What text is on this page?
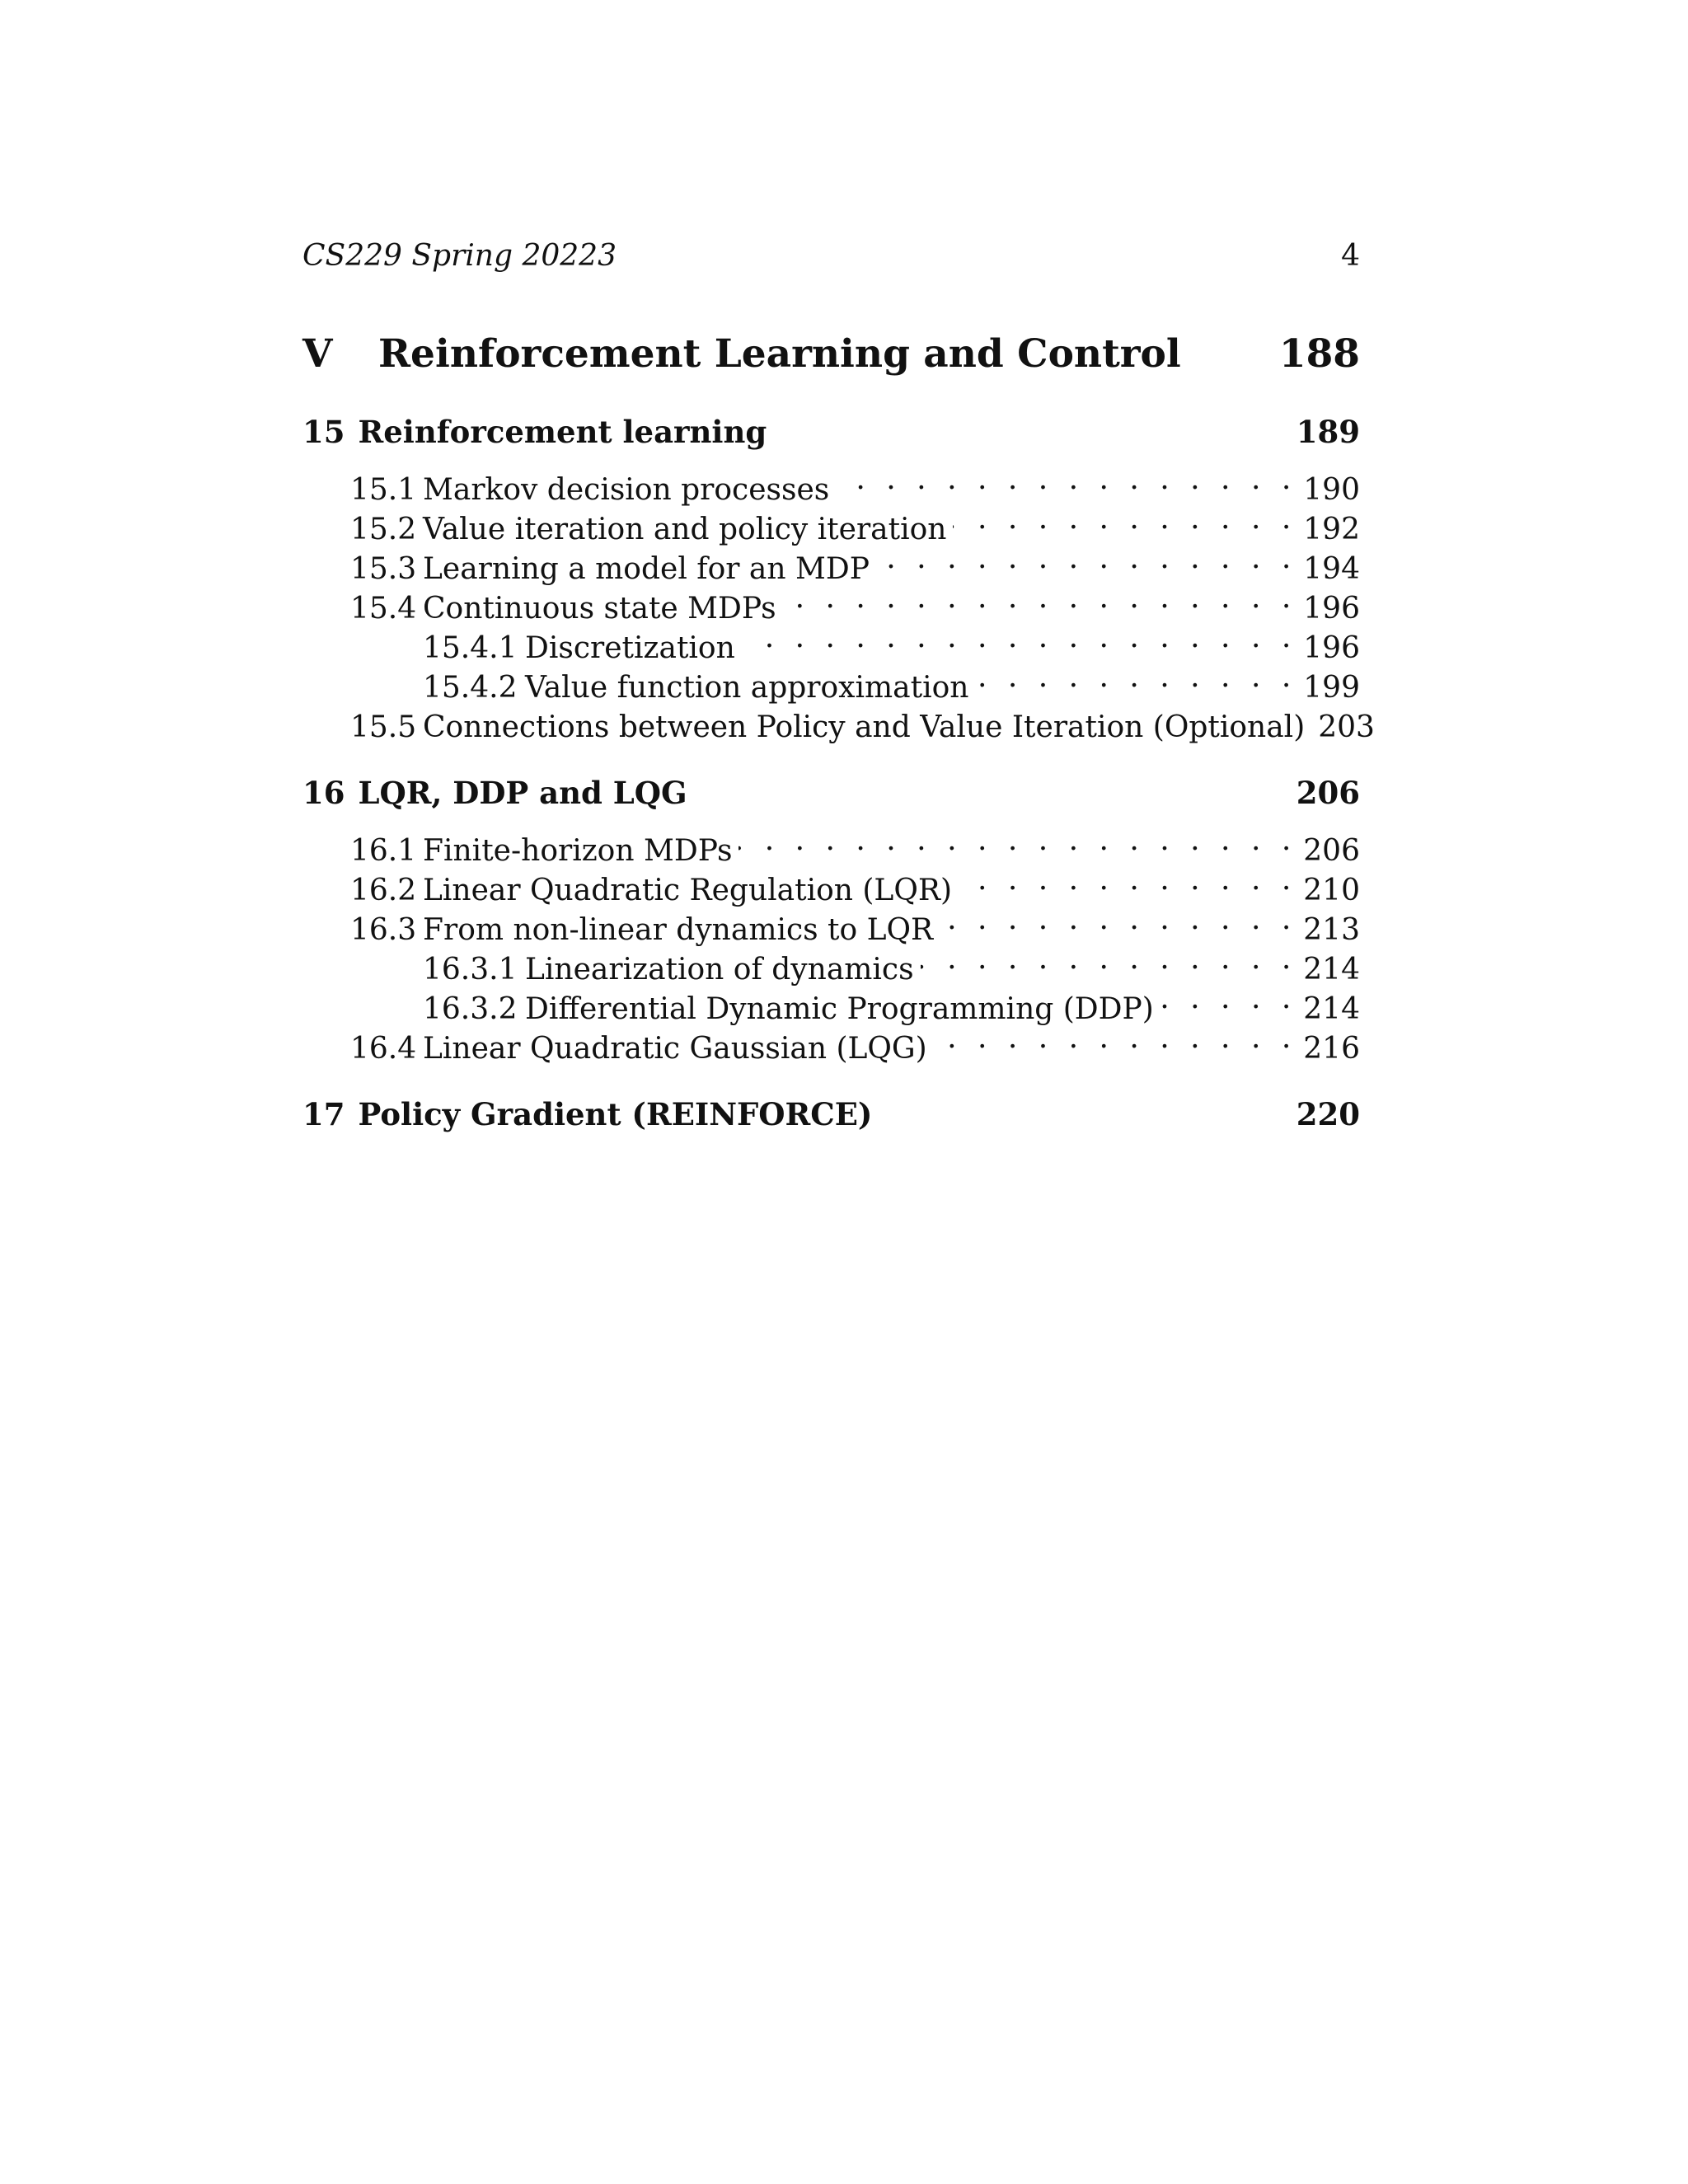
CS229 Spring 20223	4
V	Reinforcement Learning and Control	188
15 Reinforcement learning	189
15.1 Markov decision processes . . .	190
15.2 Value iteration and policy iteration . . .	192
15.3 Learning a model for an MDP . . .	194
15.4 Continuous state MDPs . . .	196
15.4.1 Discretization . . .	196
15.4.2 Value function approximation . . .	199
15.5 Connections between Policy and Value Iteration (Optional) 203
16 LQR, DDP and LQG	206
16.1 Finite-horizon MDPs . . .	206
16.2 Linear Quadratic Regulation (LQR) . . .	210
16.3 From non-linear dynamics to LQR . . .	213
16.3.1 Linearization of dynamics . . .	214
16.3.2 Differential Dynamic Programming (DDP) . . .	214
16.4 Linear Quadratic Gaussian (LQG) . . .	216
17 Policy Gradient (REINFORCE)	220
